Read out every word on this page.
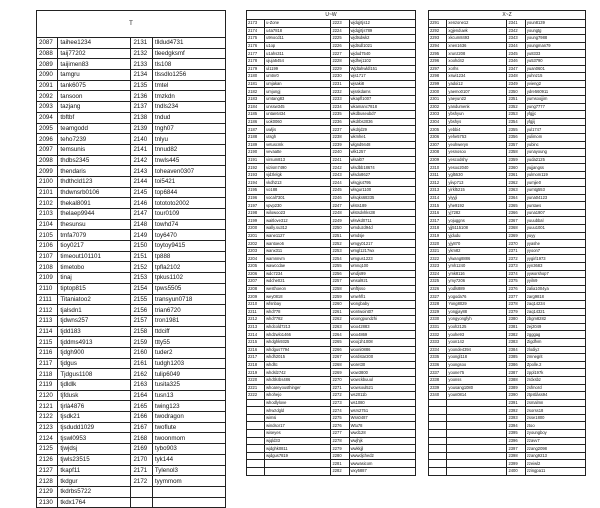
T			
2087	taihee1234	2131	tlldud4731
2088	taij77202	2132	tleedgksmf
2089	taijimen83	2133	tls108
2090	tamgru	2134	tlssdlo1256
2091	tank6075	2135	tmtel
2092	tansoon	2136	tmzkdn
2093	tazjang	2137	tndls234
2094	tbftbf	2138	tndud
2095	teamgodd	2139	tngh07
2096	teho7239	2140	tnlyu
2097	temsunis	2141	tnnud82
2098	thdbs2345	2142	tnwls445
2099	thendaris	2143	toheaven0307
2100	thdthcld123	2144	toi5421
2101	thdwnsrb0106	2145	top6844
2102	thekal8091	2146	totototo2002
2103	thelaep9944	2147	tour0109
2104	thesunsu	2148	towhd74
2105	tmfa7079	2149	toy6470
2106	tioy0217	2150	toytoy9415
2107	timeout101101	2151	tp888
2108	timetobo	2152	tpfla2102
2109	tinaj	2153	tpkus1102
2110	tiptop815	2154	tpws5505
2111	Titaniatoo2	2155	transyun0718
2112	tjalsdn1	2156	trian6720
2113	tjdwns257	2157	tron1981
2114	tjdd183	2158	ttdciff
2115	tjddms4913	2159	ttty55
2116	tjdgh900	2160	tuder2
2117	tjdgus	2161	tudgh1203
2118	Tjdgus1108	2162	tulip6049
2119	tjdldlk	2163	tusita325
2120	tjfdusk	2164	tusn13
2121	tjrlà4876	2165	twing123
2122	tjsdk21	2166	twodragon
2123	tjsdudd1029	2167	twoflute
2124	tjswl0953	2168	twoonmom
2125	tjwjdsj	2169	tybo903
2126	tjwls23515	2170	tyk144
2127	tkapf11	2171	Tylenol3
2128	tkdgur	2172	tyymmom
2129	tkdrbs5722		
2130	tkdx1764		
U~W			
2173	u-Zone	2223	wjdqjrtjs12
2174	u4a7818	2224	wjdqjrtjs789
2175	u9nocd11	2225	wjdtsdwk2
2176	u1op	2226	wjdtsdl1021
2177	u1ahs311	2227	wjdud7540
2178	ujuja5454	2228	wjdhej1102
2179	ul1199	2229	Wjdtahwldl151
2180	umtnr0	2230	wjs1717
2181	umjakan	2231	wjsaki8
2182	umjungj	2232	wjsskdams
2183	umtang83	2233	wkapfl1007
2184	unssw345	2234	wkamanc7818
2185	untan6434	2235	wkdbuseubd7
2186	uok0060	2236	wkdrbs3036
2187	uwljis	2237	wkdrjd29
2188	utsgh	2238	wkmhe1
2189	vetuscmk	2239	wlgnd9448
2190	vevaatte	2240	wlk1257
2191	virsum813	2241	wlsal07
2192	vizism7490	2242	wlsdbb18674
2193	vjdzlelgk	2243	wlsdo8627
2194	vkdh213	2244	wlsgjs4795
2195	vo188	2245	wlsgur1100
2196	vocal7301	2246	wlsqks68335
2197	vpvp230	2247	wlsts189
2198	wilowoo23	2248	wlstsdvhks38
2199	waitlove312	2249	wlsvkd0711
2200	wally.su312	2250	wmduzd94d
2201	wane1127	2251	wmdsje
2202	wantoeo6	2252	wmgy01217
2203	wanx311	2253	wmgl1217wx
2204	wamnnvm	2254	wmgus1223
2205	wawccdae	2255	wmnq100
2206	wdc7234	2256	wndjs99
2207	wdche021	2257	wnsal921
2208	westhoeon	2258	wnftjsso
2209	wey0818	2259	wnwhfl1
2210	wfsnbay	2260	wongbaby
2211	whd778	2261	wontwoint07
2212	whd7782	2262	woongpundzhi
2213	whdcold7213	2263	woo42883
2214	whdzwlo1466	2264	woo4869
2215	whdghk9325	2265	wooj1h1008
2216	whdgus7794	2266	wooni0886
2217	whdh2015	2267	wordstar200
2218	whdltc	2268	woret30
2219	whdsl2742	2269	wow3800
2220	whdtlsrbs486	2270	wowckbuuul
2221	whoareyousthinger	2271	wowsoul521
2222	whohejo	2272	ws2011b
	whodlylove	2273	ws1080
	whwzdgld	2274	wsrs2751
	wimsi	2275	Wss0487
	windsor17	2276	Wtu78
	wiseyes	2277	wwd128
	wjqld33	2278	wwjhjk
	wjdghk0811	2279	wwkkjjl
	wjdgus7819	2280	wwwdjched2
		2281	wwwasicom
		2282	wxy5887
X~Z			
2291	xenzone12	2341	youn8139
2292	xgjenduwk	2342	youngtg
2293	xkcum8493	2343	young7988
2294	xnen1636	2344	youngman79
2295	xrunz208	2345	yu8333
2296	xoohd42	2346	yu53790
2297	xorhs	2347	yuan0601
2298	xswi1234	2348	yuhnz15
2299	yadoi12	2349	yvieng2
2300	yaemo0107	2350	ydre560911
2301	yaeyun22	2351	yumsoojjim
2302	yandumenk	2352	yung7777
2303	ybshyun	2353	yfgjjc
2304	ybshys	2354	yfgjij
2305	yebbi4	2355	yul1747
2306	yehe5753	2356	yulimom
2307	yeohweryn	2357	yubinc
2308	yesnosoo	2358	yunayoung
2309	yescodshy	2359	yuda2125
2310	yesoo2040	2360	yujjangss
2311	ygl5530	2361	yulmom119
2312	yiivp713	2362	yumjie0
2313	yirkl5215	2363	yumtg553
2314	yiyyji	2364	yuna04123
2315	yhe9192	2365	yuntaes
2316	yj7282	2366	yuna1907
2317	yojuggns	2367	yuuubbal
2318	yjj5115108	2368	yuuu1001
2319	yjdudu	2369	yuyy
2320	yjy870	2370	yyashe
2321	ykm82	2371	yyoon7
2322	ylwang8886	2372	yygirl1973
2323	ymh1240	2373	yyn3683
2324	ymk8116	2374	yyworshop7
2325	ymy7206	2375	yyiln9
2326	yodls889	2376	zalia1004ya
2327	yogoda76	2377	zarg9818
2328	Yong8029	2378	zaq14234
2329	yongjay88	2379	zaq14321
2330	yongyongfyh	2380	zbgm8282
2331	yooh2125	2381	zej2049
2332	yoohe93	2382	zgggag
2333	yoon142	2383	Zigdfvm
2334	yoonde4394	2384	zlodiyz
2335	yoongl118	2385	zmnegrit
2336	yoongsoo	2386	Zpolle.2
2337	yoone75	2387	zppl197k
2338	yoonss	2388	zrdxsbz
2339	yousang1080	2389	zsfmorcl
2340	youn0814	2390	ztpstlàss94
		2391	zsmalmn
		2392	zsorss18
		2393	zsse1800
		2394	ztoo
		2395	zyoungboy
		2396	zzavv7
		2397	zzang2098
		2398	zzang9213
		2399	zzeiwl2
		2400	zzingpa11
